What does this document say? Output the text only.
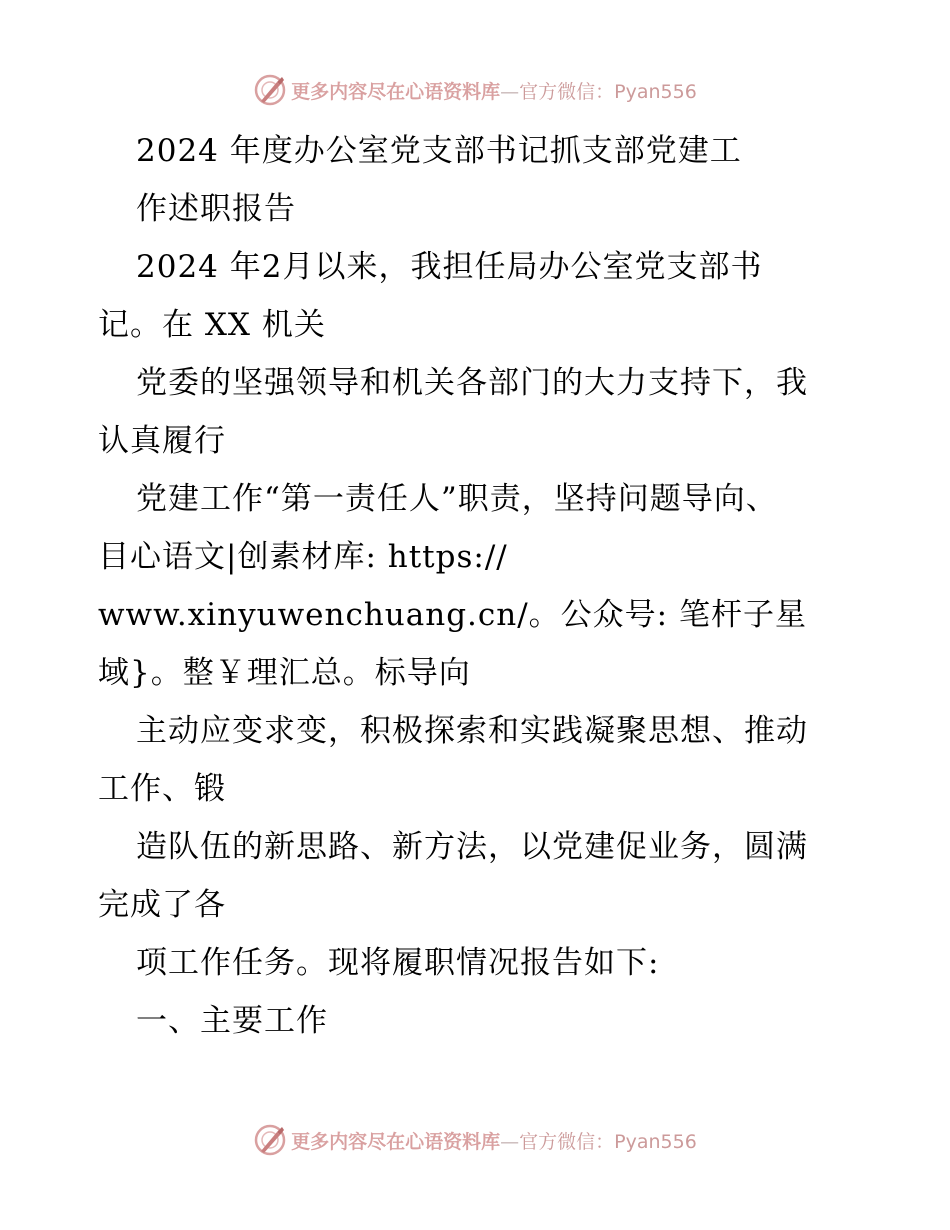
更多内容尽在心语资料库—官方微信：Pyan556
2024 年度办公室党支部书记抓支部党建工
作述职报告
2024 年2月以来，我担任局办公室党支部书
记。在 XX 机关
党委的坚强领导和机关各部门的大力支持下，我
认真履行
党建工作“第一责任人”职责，坚持问题导向、
目心语文|创素材库: https://
www.xinyuwenchuang.cn/。公众号: 笔杆子星
域}。整￥理汇总。标导向
主动应变求变，积极探索和实践凝聚思想、推动
工作、锻
造队伍的新思路、新方法，以党建促业务，圆满
完成了各
项工作任务。现将履职情况报告如下:
一、主要工作
更多内容尽在心语资料库—官方微信：Pyan556
